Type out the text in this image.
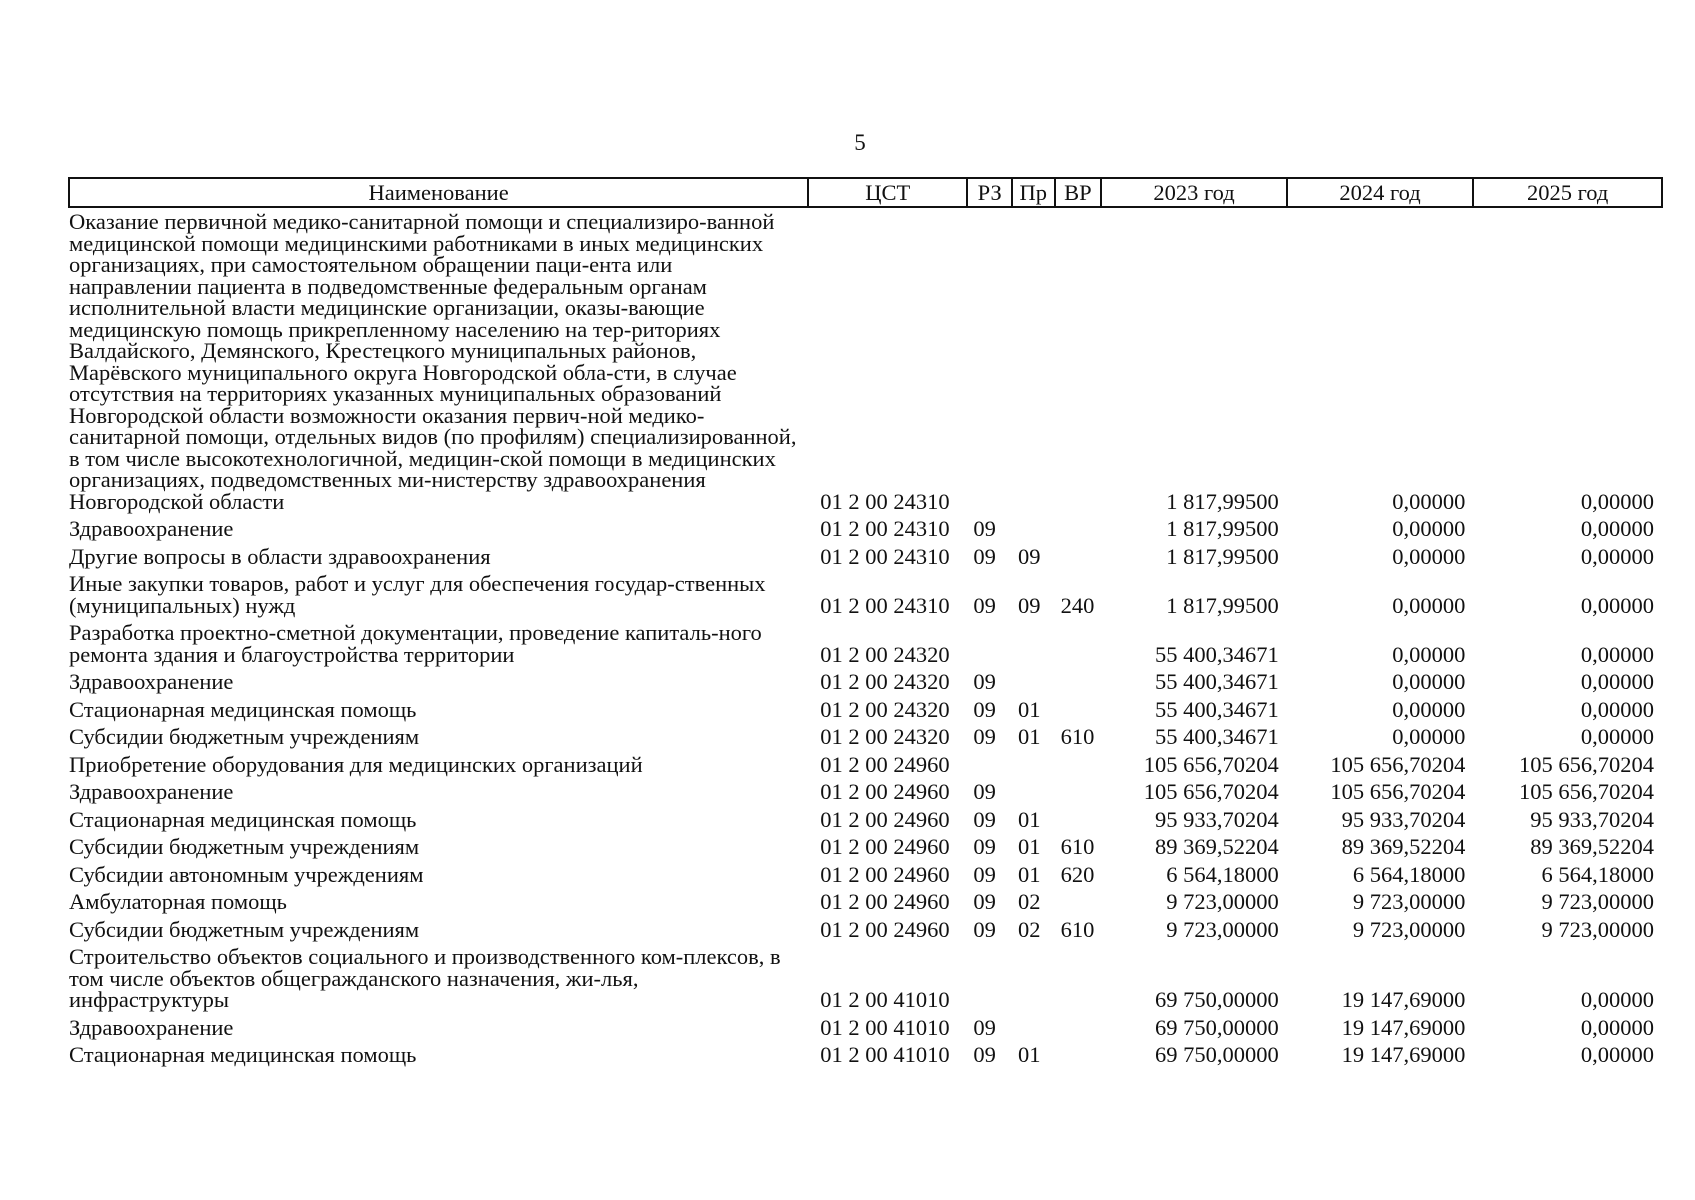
5
Наименование	ЦСТ	РЗ	Пр	ВР	2023 год	2024 год	2025 год
Оказание первичной медико-санитарной помощи и специализиро-ванной медицинской помощи медицинскими работниками в иных медицинских организациях, при самостоятельном обращении паци-ента или направлении пациента в подведомственные федеральным органам исполнительной власти медицинские организации, оказы-вающие медицинскую помощь прикрепленному населению на тер-риториях Валдайского, Демянского, Крестецкого муниципальных районов, Марёвского муниципального округа Новгородской обла-сти, в случае отсутствия на территориях указанных муниципальных образований Новгородской области возможности оказания первич-ной медико-санитарной помощи, отдельных видов (по профилям) специализированной, в том числе высокотехнологичной, медицин-ской помощи в медицинских организациях, подведомственных ми-нистерству здравоохранения Новгородской области	01 2 00 24310				1 817,99500	0,00000	0,00000
Здравоохранение	01 2 00 24310	09			1 817,99500	0,00000	0,00000
Другие вопросы в области здравоохранения	01 2 00 24310	09	09		1 817,99500	0,00000	0,00000
Иные закупки товаров, работ и услуг для обеспечения государ-ственных (муниципальных) нужд	01 2 00 24310	09	09	240	1 817,99500	0,00000	0,00000
Разработка проектно-сметной документации, проведение капиталь-ного ремонта здания и благоустройства территории	01 2 00 24320				55 400,34671	0,00000	0,00000
Здравоохранение	01 2 00 24320	09			55 400,34671	0,00000	0,00000
Стационарная медицинская помощь	01 2 00 24320	09	01		55 400,34671	0,00000	0,00000
Субсидии бюджетным учреждениям	01 2 00 24320	09	01	610	55 400,34671	0,00000	0,00000
Приобретение оборудования для медицинских организаций	01 2 00 24960				105 656,70204	105 656,70204	105 656,70204
Здравоохранение	01 2 00 24960	09			105 656,70204	105 656,70204	105 656,70204
Стационарная медицинская помощь	01 2 00 24960	09	01		95 933,70204	95 933,70204	95 933,70204
Субсидии бюджетным учреждениям	01 2 00 24960	09	01	610	89 369,52204	89 369,52204	89 369,52204
Субсидии автономным учреждениям	01 2 00 24960	09	01	620	6 564,18000	6 564,18000	6 564,18000
Амбулаторная помощь	01 2 00 24960	09	02		9 723,00000	9 723,00000	9 723,00000
Субсидии бюджетным учреждениям	01 2 00 24960	09	02	610	9 723,00000	9 723,00000	9 723,00000
Строительство объектов социального и производственного ком-плексов, в том числе объектов общегражданского назначения, жи-лья, инфраструктуры	01 2 00 41010				69 750,00000	19 147,69000	0,00000
Здравоохранение	01 2 00 41010	09			69 750,00000	19 147,69000	0,00000
Стационарная медицинская помощь	01 2 00 41010	09	01		69 750,00000	19 147,69000	0,00000
